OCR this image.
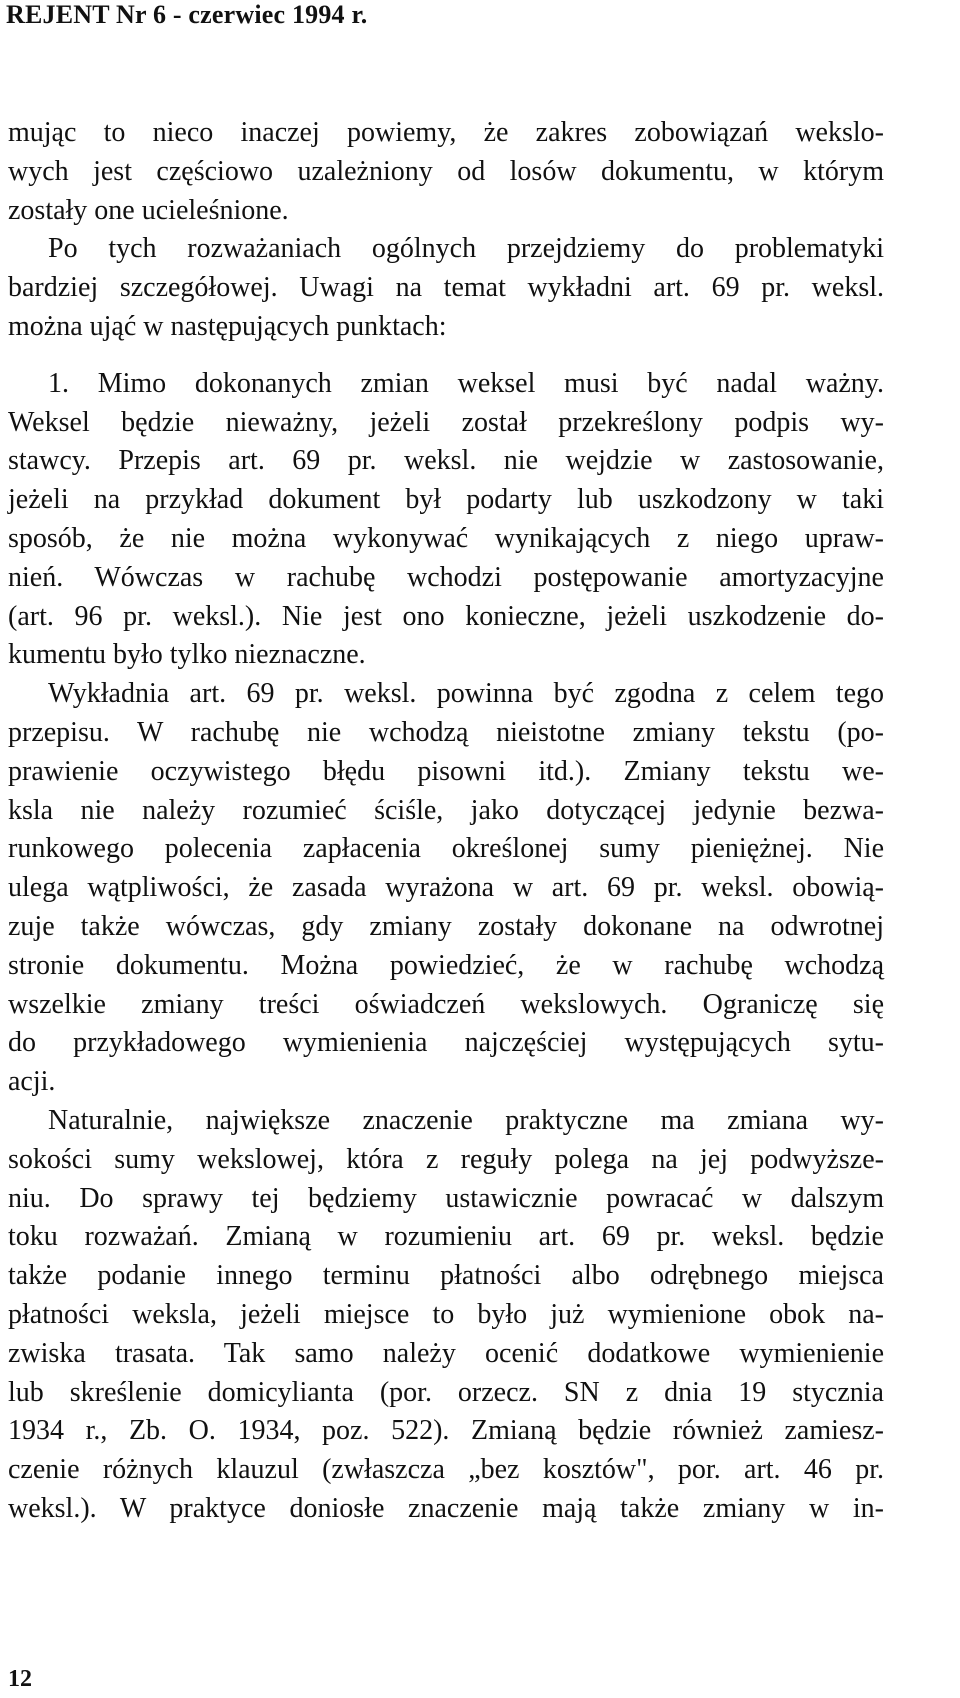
REJENT Nr 6 - czerwiec 1994 r.
mując to nieco inaczej powiemy, że zakres zobowiązań wekslo-
wych jest częściowo uzależniony od losów dokumentu, w którym
zostały one ucieleśnione.
Po tych rozważaniach ogólnych przejdziemy do problematyki
bardziej szczegółowej. Uwagi na temat wykładni art. 69 pr. weksl.
można ująć w następujących punktach:
1. Mimo dokonanych zmian weksel musi być nadal ważny.
Weksel będzie nieważny, jeżeli został przekreślony podpis wy-
stawcy. Przepis art. 69 pr. weksl. nie wejdzie w zastosowanie,
jeżeli na przykład dokument był podarty lub uszkodzony w taki
sposób, że nie można wykonywać wynikających z niego upraw-
nień. Wówczas w rachubę wchodzi postępowanie amortyzacyjne
(art. 96 pr. weksl.). Nie jest ono konieczne, jeżeli uszkodzenie do-
kumentu było tylko nieznaczne.
Wykładnia art. 69 pr. weksl. powinna być zgodna z celem tego
przepisu. W rachubę nie wchodzą nieistotne zmiany tekstu (po-
prawienie oczywistego błędu pisowni itd.). Zmiany tekstu we-
ksla nie należy rozumieć ściśle, jako dotyczącej jedynie bezwa-
runkowego polecenia zapłacenia określonej sumy pieniężnej. Nie
ulega wątpliwości, że zasada wyrażona w art. 69 pr. weksl. obowią-
zuje także wówczas, gdy zmiany zostały dokonane na odwrotnej
stronie dokumentu. Można powiedzieć, że w rachubę wchodzą
wszelkie zmiany treści oświadczeń wekslowych. Ograniczę się
do przykładowego wymienienia najczęściej występujących sytu-
acji.
Naturalnie, największe znaczenie praktyczne ma zmiana wy-
sokości sumy wekslowej, która z reguły polega na jej podwyższe-
niu. Do sprawy tej będziemy ustawicznie powracać w dalszym
toku rozważań. Zmianą w rozumieniu art. 69 pr. weksl. będzie
także podanie innego terminu płatności albo odrębnego miejsca
płatności weksla, jeżeli miejsce to było już wymienione obok na-
zwiska trasata. Tak samo należy ocenić dodatkowe wymienienie
lub skreślenie domicylianta (por. orzecz. SN z dnia 19 stycznia
1934 r., Zb. O. 1934, poz. 522). Zmianą będzie również zamiesz-
czenie różnych klauzul (zwłaszcza „bez kosztów", por. art. 46 pr.
weksl.). W praktyce doniosłe znaczenie mają także zmiany w in-
12
